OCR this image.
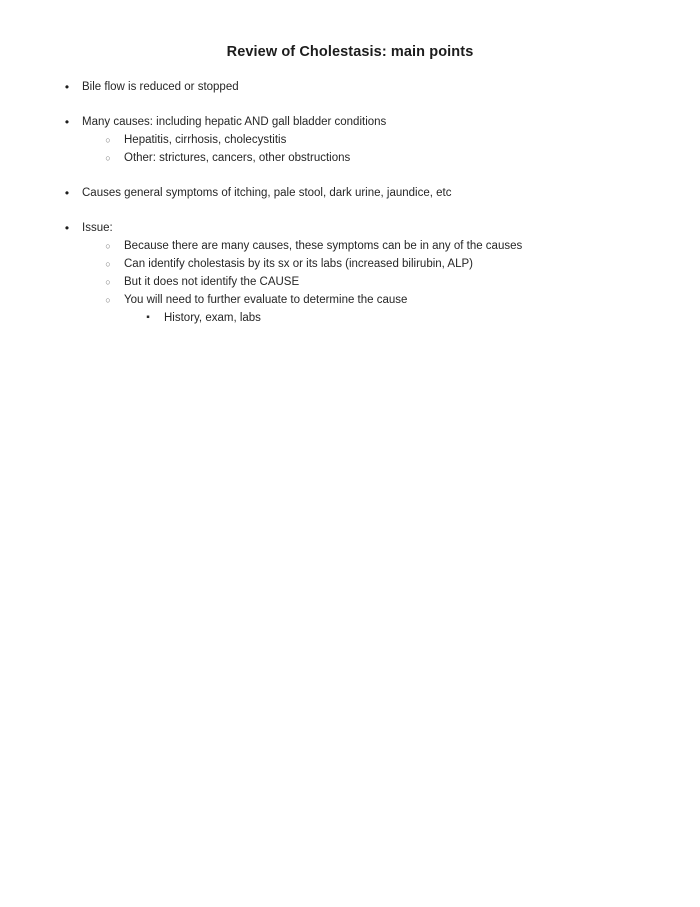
Review of Cholestasis: main points
• Bile flow is reduced or stopped
• Many causes: including hepatic AND gall bladder conditions
○ Hepatitis, cirrhosis, cholecystitis
○ Other: strictures, cancers, other obstructions
• Causes general symptoms of itching, pale stool, dark urine, jaundice, etc
• Issue:
○ Because there are many causes, these symptoms can be in any of the causes
○ Can identify cholestasis by its sx or its labs (increased bilirubin, ALP)
○ But it does not identify the CAUSE
○ You will need to further evaluate to determine the cause
▪ History, exam, labs
